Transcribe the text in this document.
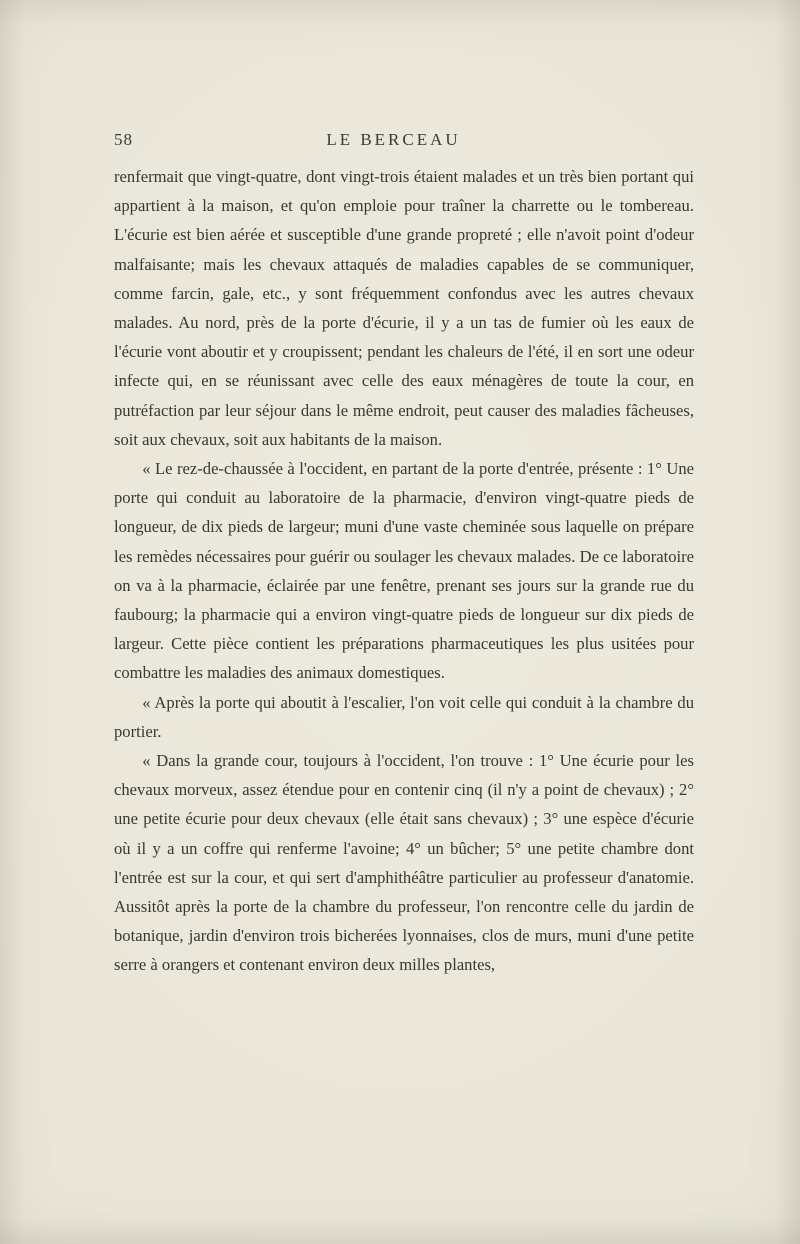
58	LE BERCEAU

renfermait que vingt-quatre, dont vingt-trois étaient malades et un très bien portant qui appartient à la maison, et qu'on emploie pour traîner la charrette ou le tombereau. L'écurie est bien aérée et susceptible d'une grande propreté ; elle n'avoit point d'odeur malfaisante; mais les chevaux attaqués de maladies capables de se communiquer, comme farcin, gale, etc., y sont fréquemment confondus avec les autres chevaux malades. Au nord, près de la porte d'écurie, il y a un tas de fumier où les eaux de l'écurie vont aboutir et y croupissent; pendant les chaleurs de l'été, il en sort une odeur infecte qui, en se réunissant avec celle des eaux ménagères de toute la cour, en putréfaction par leur séjour dans le même endroit, peut causer des maladies fâcheuses, soit aux chevaux, soit aux habitants de la maison.

« Le rez-de-chaussée à l'occident, en partant de la porte d'entrée, présente : 1° Une porte qui conduit au laboratoire de la pharmacie, d'environ vingt-quatre pieds de longueur, de dix pieds de largeur; muni d'une vaste cheminée sous laquelle on prépare les remèdes nécessaires pour guérir ou soulager les chevaux malades. De ce laboratoire on va à la pharmacie, éclairée par une fenêtre, prenant ses jours sur la grande rue du faubourg; la pharmacie qui a environ vingt-quatre pieds de longueur sur dix pieds de largeur. Cette pièce contient les préparations pharmaceutiques les plus usitées pour combattre les maladies des animaux domestiques.

« Après la porte qui aboutit à l'escalier, l'on voit celle qui conduit à la chambre du portier.

« Dans la grande cour, toujours à l'occident, l'on trouve : 1° Une écurie pour les chevaux morveux, assez étendue pour en contenir cinq (il n'y a point de chevaux) ; 2° une petite écurie pour deux chevaux (elle était sans chevaux) ; 3° une espèce d'écurie où il y a un coffre qui renferme l'avoine; 4° un bûcher; 5° une petite chambre dont l'entrée est sur la cour, et qui sert d'amphithéâtre particulier au professeur d'anatomie. Aussitôt après la porte de la chambre du professeur, l'on rencontre celle du jardin de botanique, jardin d'environ trois bicherées lyonnaises, clos de murs, muni d'une petite serre à orangers et contenant environ deux milles plantes,
